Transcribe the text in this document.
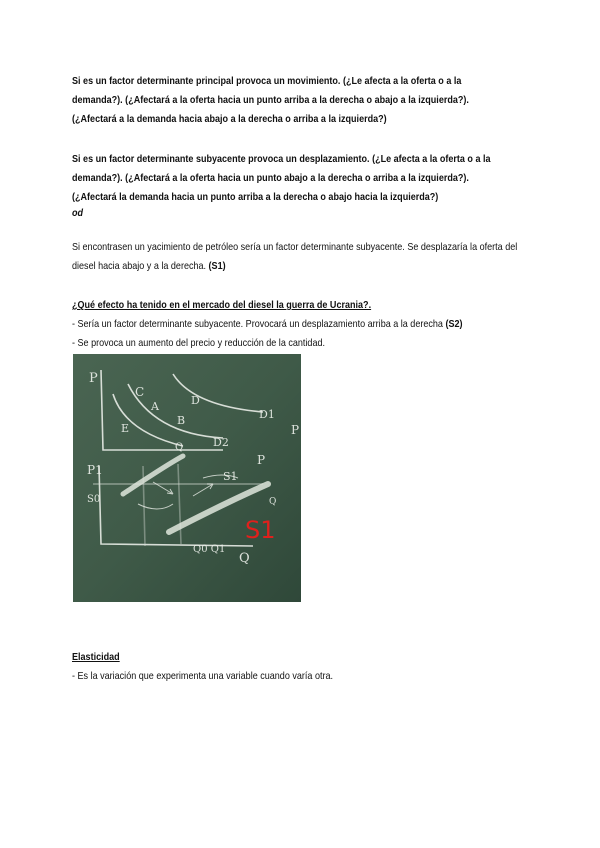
Si es un factor determinante principal provoca un movimiento. (¿Le afecta a la oferta o a la
demanda?). (¿Afectará a la oferta hacia un punto arriba a la derecha o abajo a la izquierda?).
(¿Afectará a la demanda hacia abajo a la derecha o arriba a la izquierda?)
Si es un factor determinante subyacente provoca un desplazamiento. (¿Le afecta a la oferta o a la
demanda?). (¿Afectará a la oferta hacia un punto abajo a la derecha o arriba a la izquierda?).
(¿Afectará la demanda hacia un punto arriba a la derecha o abajo hacia la izquierda?)
od
Si encontrasen un yacimiento de petróleo sería un factor determinante subyacente. Se desplazaría la oferta del
diesel hacia abajo y a la derecha. (S1)
¿Qué efecto ha tenido en el mercado del diesel la guerra de Ucrania?.
- Sería un factor determinante subyacente. Provocará un desplazamiento arriba a la derecha (S2)
- Se provoca un aumento del precio y reducción de la cantidad.
P
C
A
B
E
D
D1
D2
Q
P
P1
S0
S1
Q
Q0 Q1
Q
P
S1
Elasticidad
- Es la variación que experimenta una variable cuando varía otra.
